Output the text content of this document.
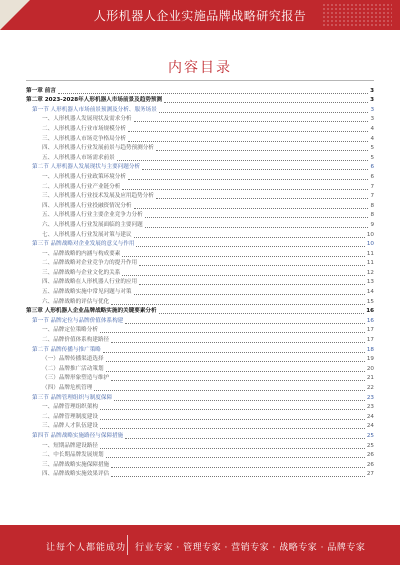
人形机器人企业实施品牌战略研究报告
内容目录
第一章 前言	3
第二章 2023-2028年人形机器人市场前景及趋势预测	3
第一节 人形机器人市场前景预测及分析、服务场景	3
一、人形机器人发展现状及需求分析	3
二、人形机器人行业市场规模分析	4
三、人形机器人市场竞争格局分析	4
四、人形机器人行业发展前景与趋势预测分析	5
五、人形机器人市场需求前景	5
第二节 人形机器人发展现状与主要问题分析	6
一、人形机器人行业政策环境分析	6
二、人形机器人行业产业链分析	7
三、人形机器人行业技术发展及应用趋势分析	7
四、人形机器人行业投融资情况分析	8
五、人形机器人行业主要企业竞争力分析	8
六、人形机器人行业发展面临的主要问题	9
七、人形机器人行业发展对策与建议	10
第三节 品牌战略对企业发展的意义与作用	10
一、品牌战略的内涵与构成要素	11
二、品牌战略对企业竞争力的提升作用	11
三、品牌战略与企业文化的关系	12
四、品牌战略在人形机器人行业的应用	13
五、品牌战略实施中常见问题与对策	14
六、品牌战略的评估与优化	15
第三章 人形机器人企业品牌战略实施的关键要素分析	16
第一节 品牌定位与品牌价值体系构建	16
一、品牌定位策略分析	17
二、品牌价值体系构建路径	17
第二节 品牌传播与推广策略	18
（一）品牌传播渠道选择	19
（二）品牌推广活动策划	20
（三）品牌形象塑造与维护	21
（四）品牌危机管理	22
第三节 品牌管理组织与制度保障	23
一、品牌管理组织架构	23
二、品牌管理制度建设	24
三、品牌人才队伍建设	24
第四节 品牌战略实施路径与保障措施	25
一、短期品牌建设路径	25
二、中长期品牌发展规划	26
三、品牌战略实施保障措施	26
四、品牌战略实施效果评估	27
让每个人都能成功 行业专家 · 管理专家 · 营销专家 · 战略专家 · 品牌专家
